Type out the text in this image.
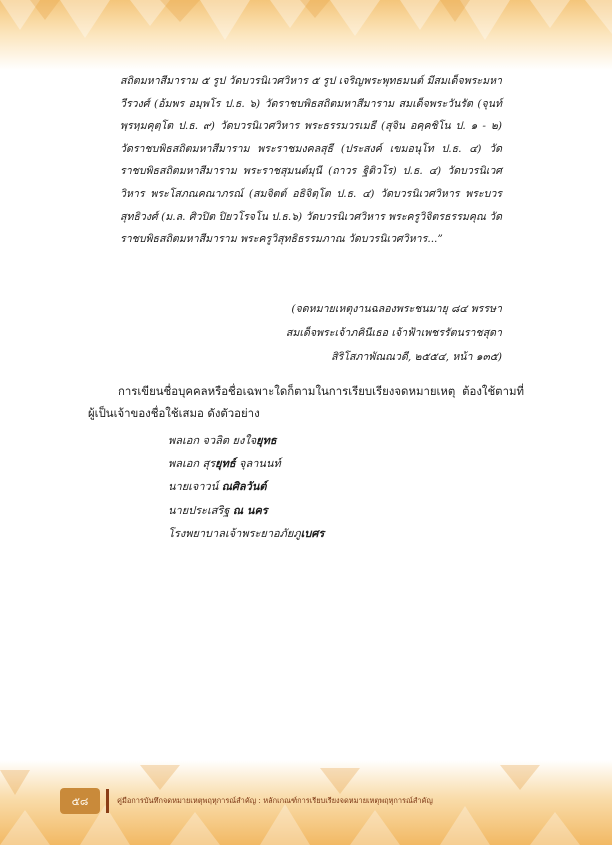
สถิตมหาสีมาราม ๕ รูป วัดบวรนิเวศวิหาร ๕ รูป เจริญพระพุทธมนต์ มีสมเด็จพระมหาวีรวงศ์ (อ้มพร อมฺพโร ป.ธ. ๖) วัดราชบพิธสถิตมหาสีมาราม สมเด็จพระวันรัต (จุนท์ พฺรหฺมคุตฺโต ป.ธ. ๙) วัดบวรนิเวศวิหาร พระธรรมวรเมธี (สุจิน อคฺคชิโน ป. ๑ - ๒) วัดราชบพิธสถิตมหาสีมาราม พระราชมงคลสุธี (ประสงค์ เขมอนุโท ป.ธ. ๔) วัดราชบพิธสถิตมหาสีมาราม พระราชสุมนต์มุนี (ถาวร ฐิติวโร) ป.ธ. ๔) วัดบวรนิเวศวิหาร พระโสภณคณาภรณ์ (สมจิตต์ อธิจิตฺโต ป.ธ. ๔) วัดบวรนิเวศวิหาร พระบวรสุทธิวงศ์ (ม.ล. ศิวปิต ปิยวโรจโน ป.ธ.๖) วัดบวรนิเวศวิหาร พระครูวิจิตรธรรมคุณ วัดราชบพิธสถิตมหาสีมาราม พระครูวิสุทธิธรรมภาณ วัดบวรนิเวศวิหาร...”

(จดหมายเหตุงานฉลองพระชนมายุ ๘๔ พรรษา
สมเด็จพระเจ้าภคินีเธอ เจ้าฟ้าเพชรรัตนราชสุดา
สิริโสภาพัณณวดี, ๒๕๕๔, หน้า ๑๓๕)
การเขียนชื่อบุคคลหรือชื่อเฉพาะใดก็ตามในการเรียบเรียงจดหมายเหตุ ต้องใช้ตามที่ผู้เป็นเจ้าของชื่อใช้เสมอ ดังตัวอย่าง
พลเอก จวลิต ยงใจยุทธ
พลเอก สุรยุทธ์ จุลานนท์
นายเจาวน์ ณศิลวันต์
นายประเสริฐ ณ นคร
โรงพยาบาลเจ้าพระยาอภัยภูเบศร
๕๘	คู่มือการบันทึกจดหมายเหตุพฤหุการณ์สำคัญ : หลักเกณฑ์การเรียบเรียงจดหมายเหตุพฤหุการณ์สำคัญ
